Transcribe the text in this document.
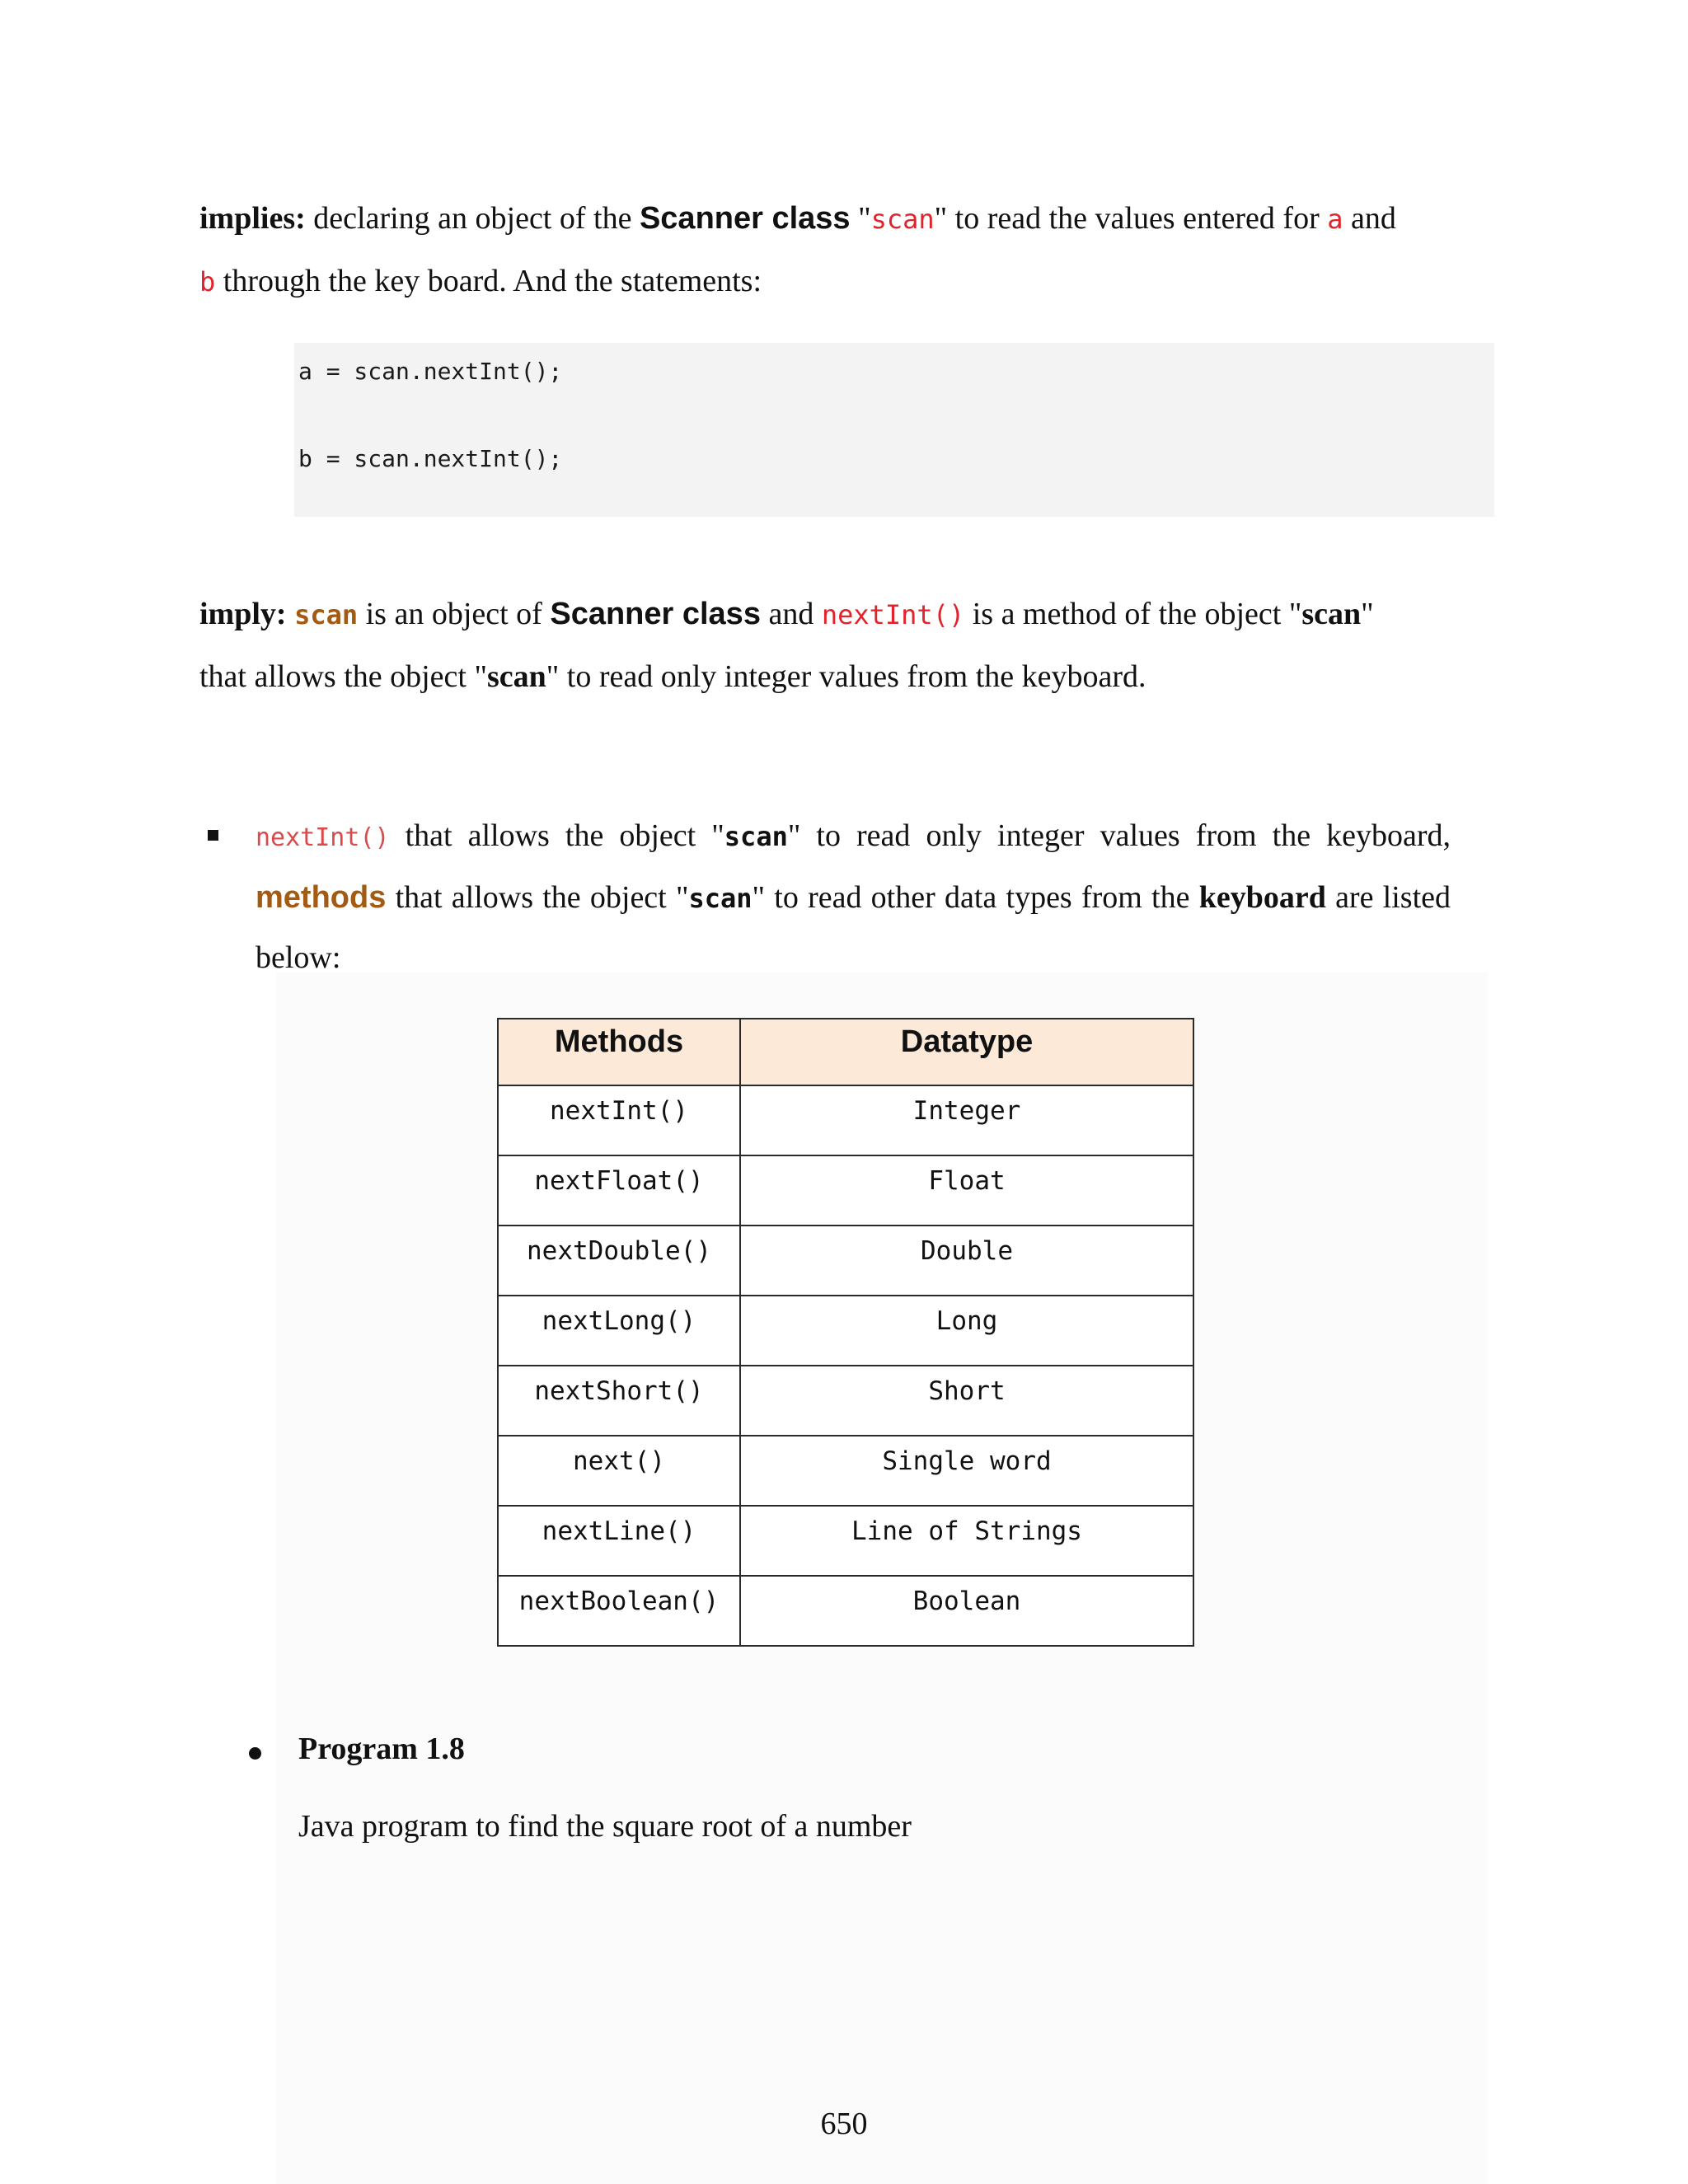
implies: declaring an object of the Scanner class "scan" to read the values entered for a and
b through the key board. And the statements:

a = scan.nextInt();
b = scan.nextInt();

imply: scan is an object of Scanner class and nextInt() is a method of the object "scan"
that allows the object "scan" to read only integer values from the keyboard.

nextInt() that allows the object "scan" to read only integer values from the keyboard, methods that allows the object "scan" to read other data types from the keyboard are listed below:

Methods	Datatype
nextInt()	Integer
nextFloat()	Float
nextDouble()	Double
nextLong()	Long
nextShort()	Short
next()	Single word
nextLine()	Line of Strings
nextBoolean()	Boolean

Program 1.8

Java program to find the square root of a number

650
